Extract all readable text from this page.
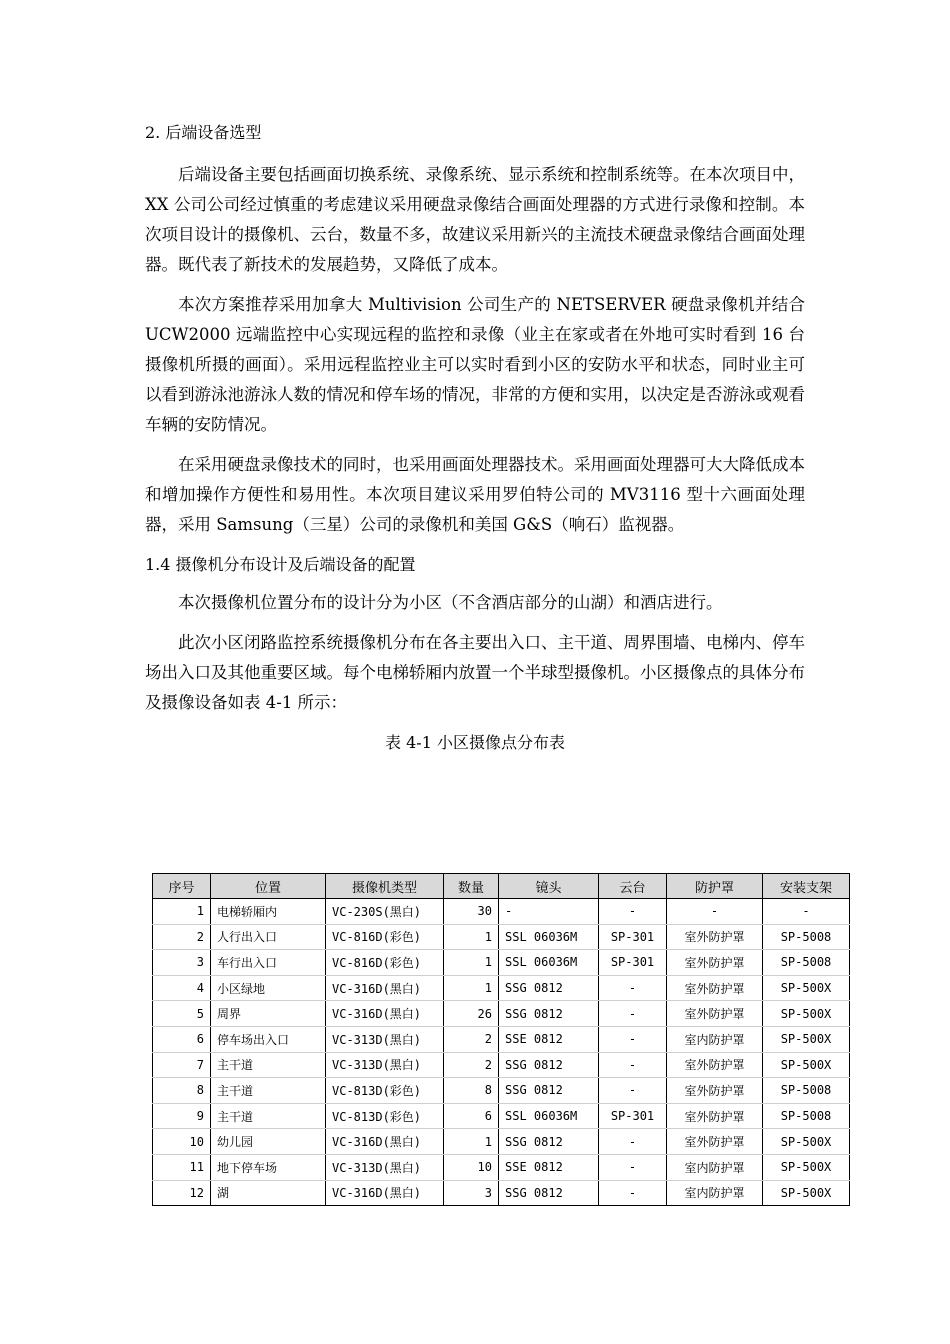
2. 后端设备选型

后端设备主要包括画面切换系统、录像系统、显示系统和控制系统等。在本次项目中，XX 公司公司经过慎重的考虑建议采用硬盘录像结合画面处理器的方式进行录像和控制。本次项目设计的摄像机、云台，数量不多，故建议采用新兴的主流技术硬盘录像结合画面处理器。既代表了新技术的发展趋势，又降低了成本。

本次方案推荐采用加拿大 Multivision 公司生产的 NETSERVER 硬盘录像机并结合 UCW2000 远端监控中心实现远程的监控和录像（业主在家或者在外地可实时看到 16 台摄像机所摄的画面）。采用远程监控业主可以实时看到小区的安防水平和状态，同时业主可以看到游泳池游泳人数的情况和停车场的情况，非常的方便和实用，以决定是否游泳或观看车辆的安防情况。

在采用硬盘录像技术的同时，也采用画面处理器技术。采用画面处理器可大大降低成本和增加操作方便性和易用性。本次项目建议采用罗伯特公司的 MV3116 型十六画面处理器，采用 Samsung（三星）公司的录像机和美国 G&S（响石）监视器。

1.4 摄像机分布设计及后端设备的配置

本次摄像机位置分布的设计分为小区（不含酒店部分的山湖）和酒店进行。

此次小区闭路监控系统摄像机分布在各主要出入口、主干道、周界围墙、电梯内、停车场出入口及其他重要区域。每个电梯轿厢内放置一个半球型摄像机。小区摄像点的具体分布及摄像设备如表 4-1 所示：

表 4-1 小区摄像点分布表

序号	位置	摄像机类型	数量	镜头	云台	防护罩	安装支架
1	电梯轿厢内	VC-230S(黑白)	30	-	-	-	-
2	人行出入口	VC-816D(彩色)	1	SSL 06036M	SP-301	室外防护罩	SP-5008
3	车行出入口	VC-816D(彩色)	1	SSL 06036M	SP-301	室外防护罩	SP-5008
4	小区绿地	VC-316D(黑白)	1	SSG 0812	-	室外防护罩	SP-500X
5	周界	VC-316D(黑白)	26	SSG 0812	-	室外防护罩	SP-500X
6	停车场出入口	VC-313D(黑白)	2	SSE 0812	-	室内防护罩	SP-500X
7	主干道	VC-313D(黑白)	2	SSG 0812	-	室外防护罩	SP-500X
8	主干道	VC-813D(彩色)	8	SSG 0812	-	室外防护罩	SP-5008
9	主干道	VC-813D(彩色)	6	SSL 06036M	SP-301	室外防护罩	SP-5008
10	幼儿园	VC-316D(黑白)	1	SSG 0812	-	室外防护罩	SP-500X
11	地下停车场	VC-313D(黑白)	10	SSE 0812	-	室内防护罩	SP-500X
12	湖	VC-316D(黑白)	3	SSG 0812	-	室内防护罩	SP-500X
